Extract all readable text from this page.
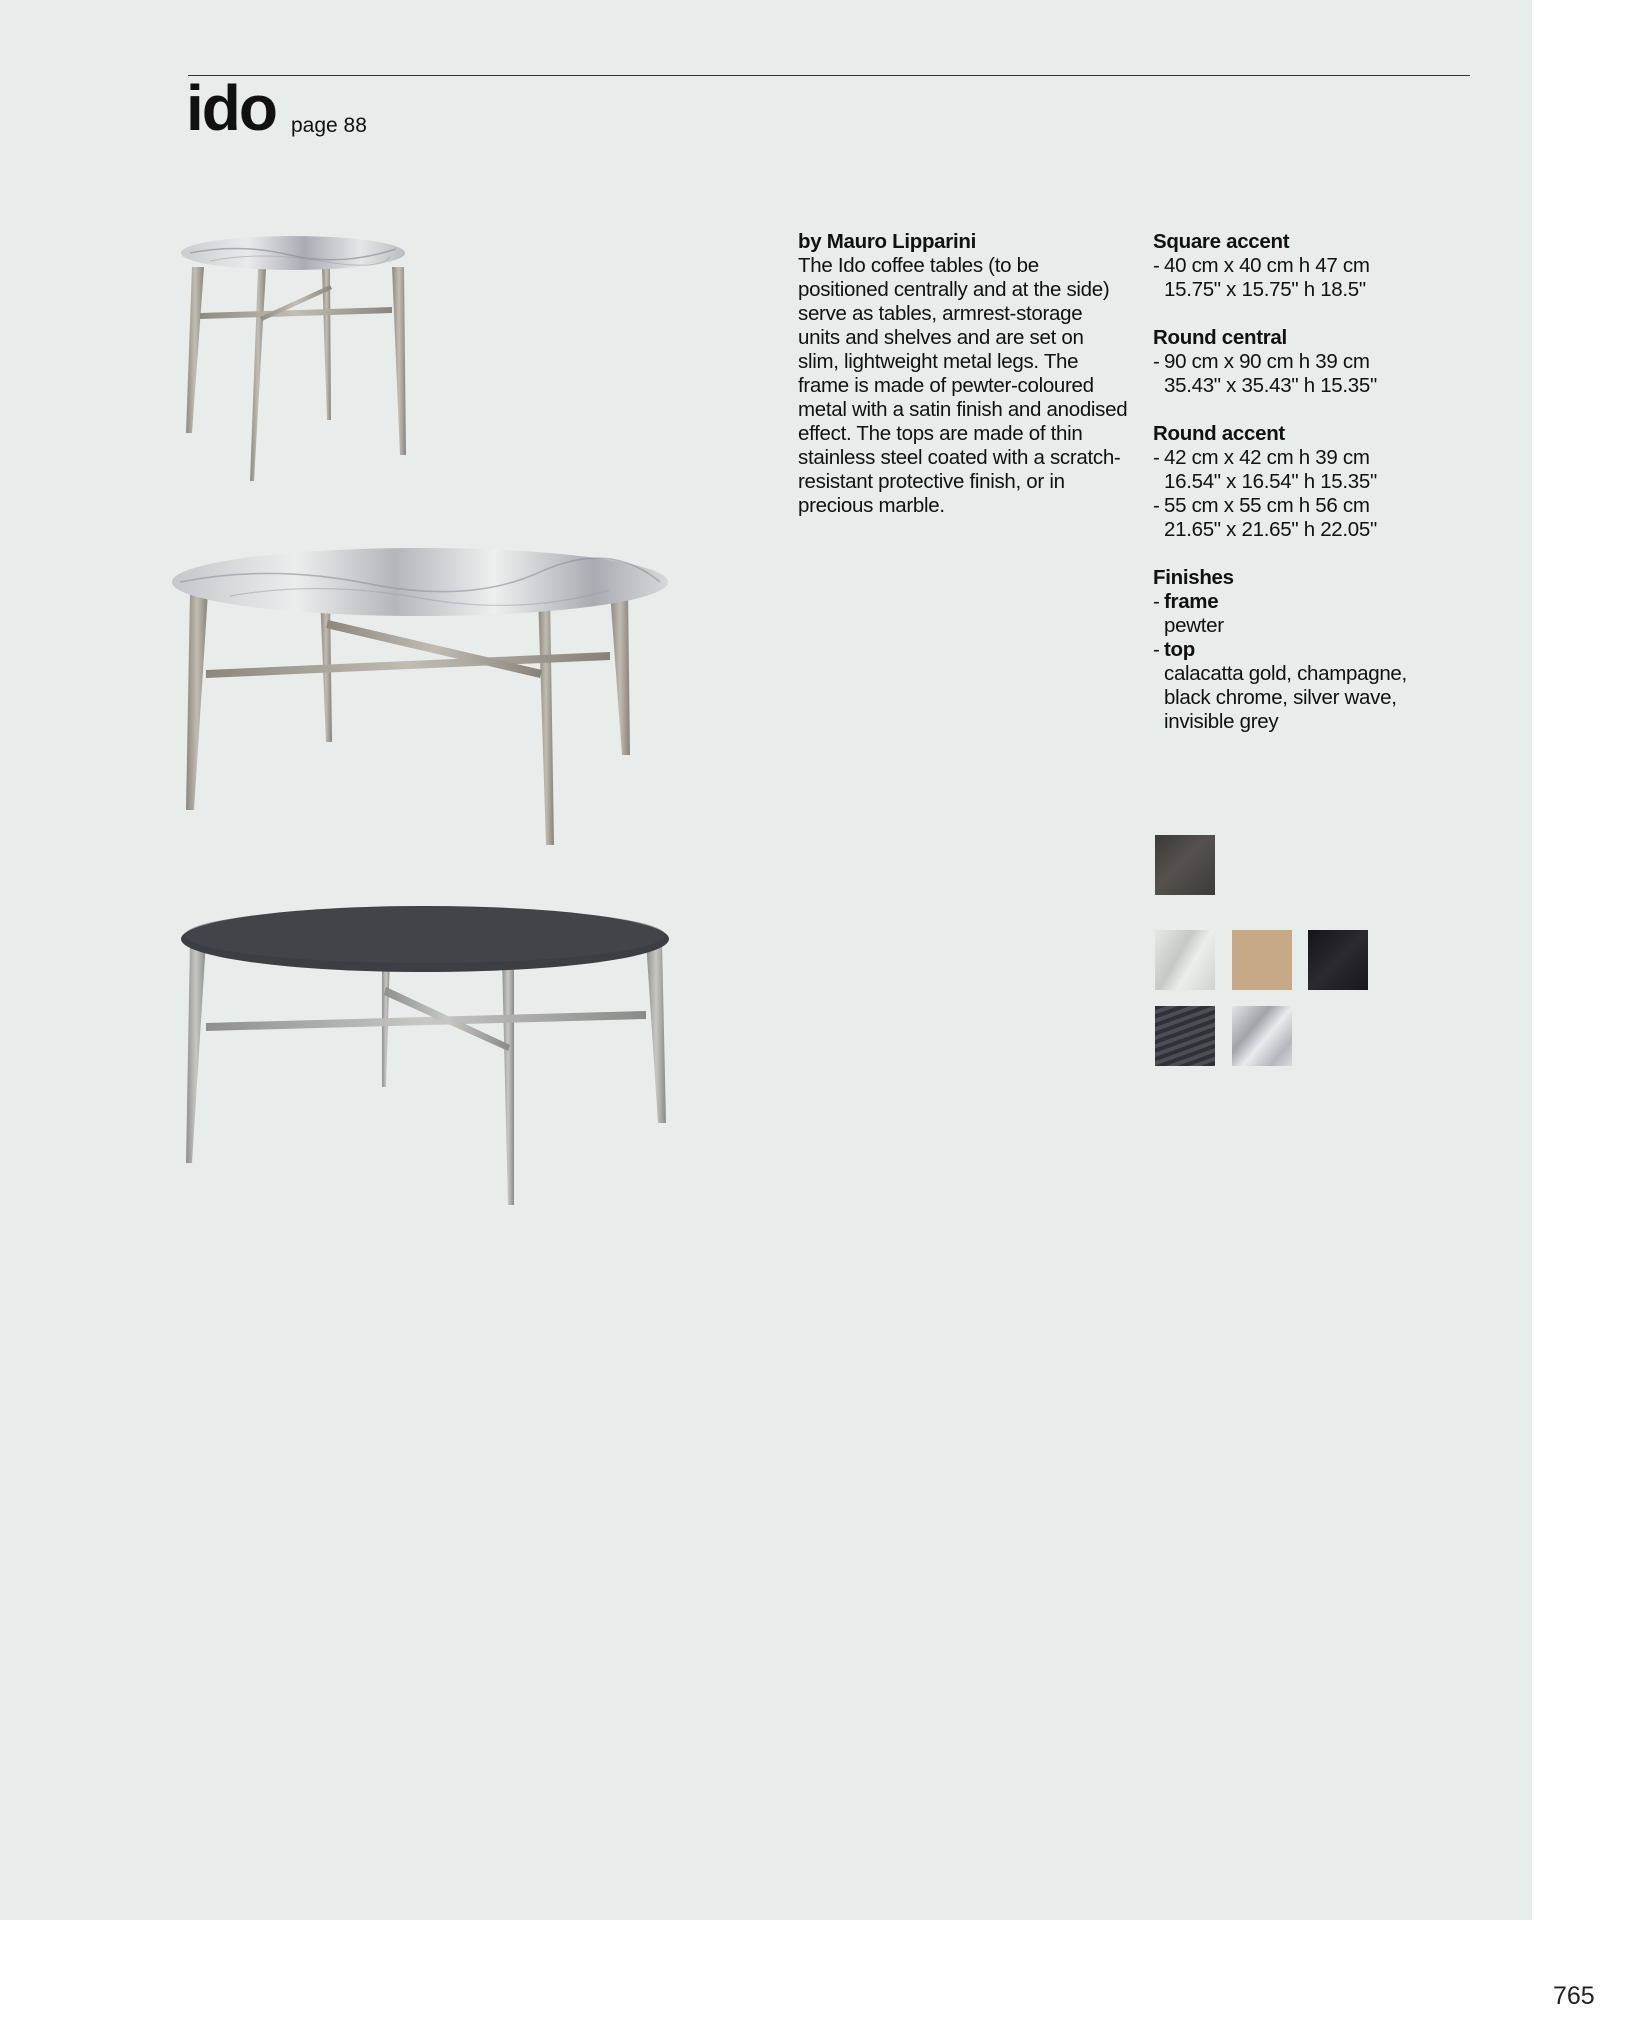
ido page 88
by Mauro Lipparini
The Ido coffee tables (to be positioned centrally and at the side) serve as tables, armrest-storage units and shelves and are set on slim, lightweight metal legs. The frame is made of pewter-coloured metal with a satin finish and anodised effect. The tops are made of thin stainless steel coated with a scratch-resistant protective finish, or in precious marble.
Square accent
- 40 cm x 40 cm h 47 cm
15.75" x 15.75" h 18.5"
Round central
- 90 cm x 90 cm h 39 cm
35.43" x 35.43" h 15.35"
Round accent
- 42 cm x 42 cm h 39 cm
16.54" x 16.54" h 15.35"
- 55 cm x 55 cm h 56 cm
21.65" x 21.65" h 22.05"
Finishes
- frame
pewter
- top
calacatta gold, champagne,
black chrome, silver wave,
invisible grey
765
